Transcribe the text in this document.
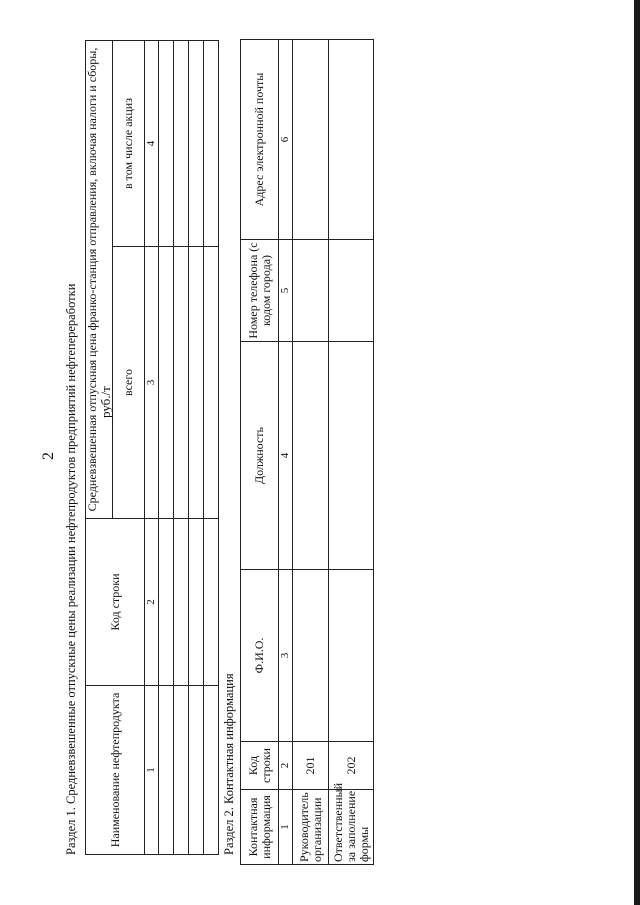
2 Раздел 1. Средневзвешенные отпускные цены реализации нефтепродуктов предприятий нефтепереработки Наименование нефтепродукта	Код строки	Средневзвешенная отпускная цена франко-станция отправления, включая налоги и сборы, руб./т	

		всего	в том числе акциз
1	2	3	4

Раздел 2. Контактная информация Контактная информация	Код строки	Ф.И.О.	Должность	Номер телефона (с кодом города)	Адрес электронной почты
1	2	3	4	5	6
Руководитель организации	201				
Ответственный за заполнение формы	202				
